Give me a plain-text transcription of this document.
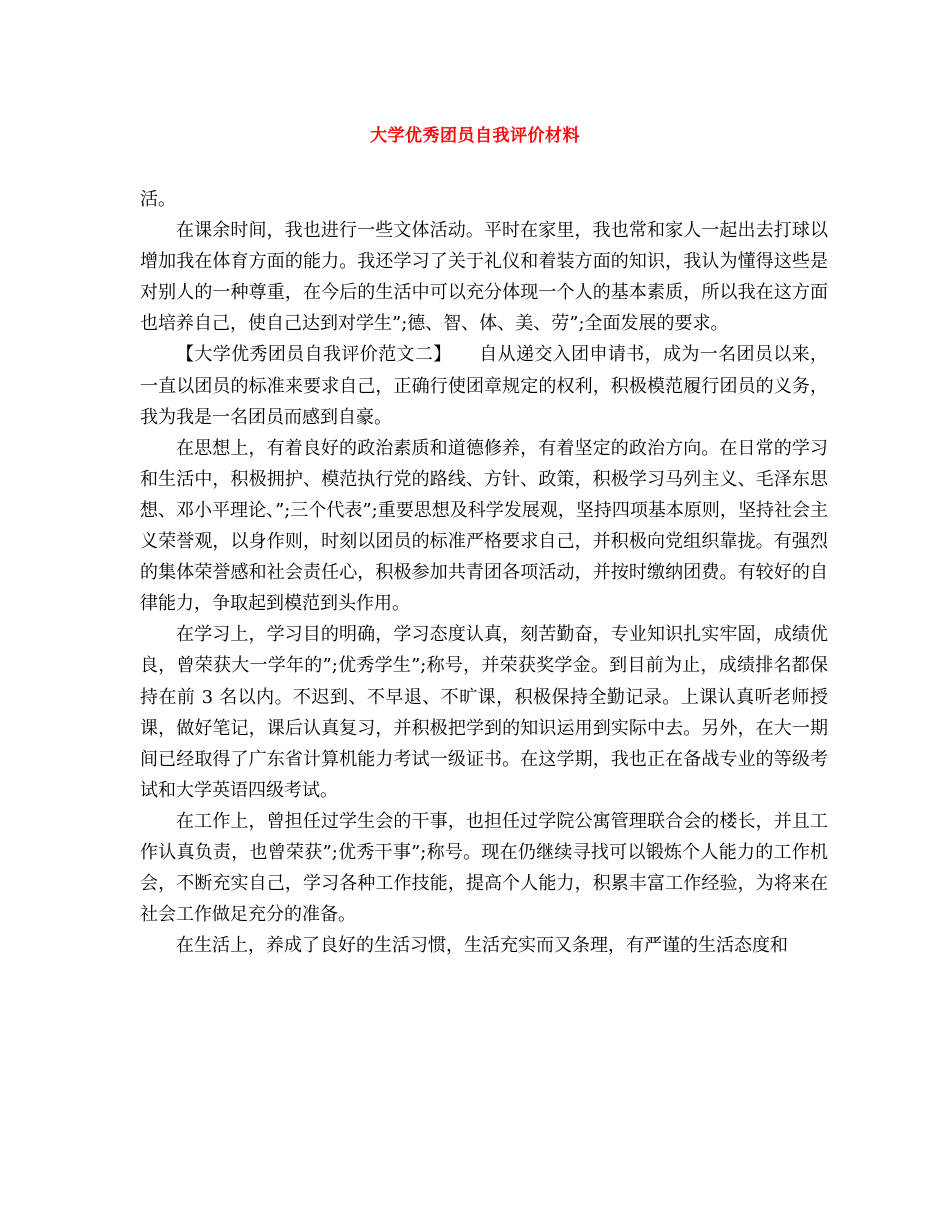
大学优秀团员自我评价材料

活。

在课余时间，我也进行一些文体活动。平时在家里，我也常和家人一起出去打球以增加我在体育方面的能力。我还学习了关于礼仪和着装方面的知识，我认为懂得这些是对别人的一种尊重，在今后的生活中可以充分体现一个人的基本素质，所以我在这方面也培养自己，使自己达到对学生”;德、智、体、美、劳”;全面发展的要求。

【大学优秀团员自我评价范文二】　　自从递交入团申请书，成为一名团员以来，一直以团员的标准来要求自己，正确行使团章规定的权利，积极模范履行团员的义务，我为我是一名团员而感到自豪。

在思想上，有着良好的政治素质和道德修养，有着坚定的政治方向。在日常的学习和生活中，积极拥护、模范执行党的路线、方针、政策，积极学习马列主义、毛泽东思想、邓小平理论、”;三个代表”;重要思想及科学发展观，坚持四项基本原则，坚持社会主义荣誉观，以身作则，时刻以团员的标准严格要求自己，并积极向党组织靠拢。有强烈的集体荣誉感和社会责任心，积极参加共青团各项活动，并按时缴纳团费。有较好的自律能力，争取起到模范到头作用。

在学习上，学习目的明确，学习态度认真，刻苦勤奋，专业知识扎实牢固，成绩优良，曾荣获大一学年的”;优秀学生”;称号，并荣获奖学金。到目前为止，成绩排名都保持在前 3 名以内。不迟到、不早退、不旷课，积极保持全勤记录。上课认真听老师授课，做好笔记，课后认真复习，并积极把学到的知识运用到实际中去。另外，在大一期间已经取得了广东省计算机能力考试一级证书。在这学期，我也正在备战专业的等级考试和大学英语四级考试。

在工作上，曾担任过学生会的干事，也担任过学院公寓管理联合会的楼长，并且工作认真负责，也曾荣获”;优秀干事”;称号。现在仍继续寻找可以锻炼个人能力的工作机会，不断充实自己，学习各种工作技能，提高个人能力，积累丰富工作经验，为将来在社会工作做足充分的准备。

在生活上，养成了良好的生活习惯，生活充实而又条理，有严谨的生活态度和
